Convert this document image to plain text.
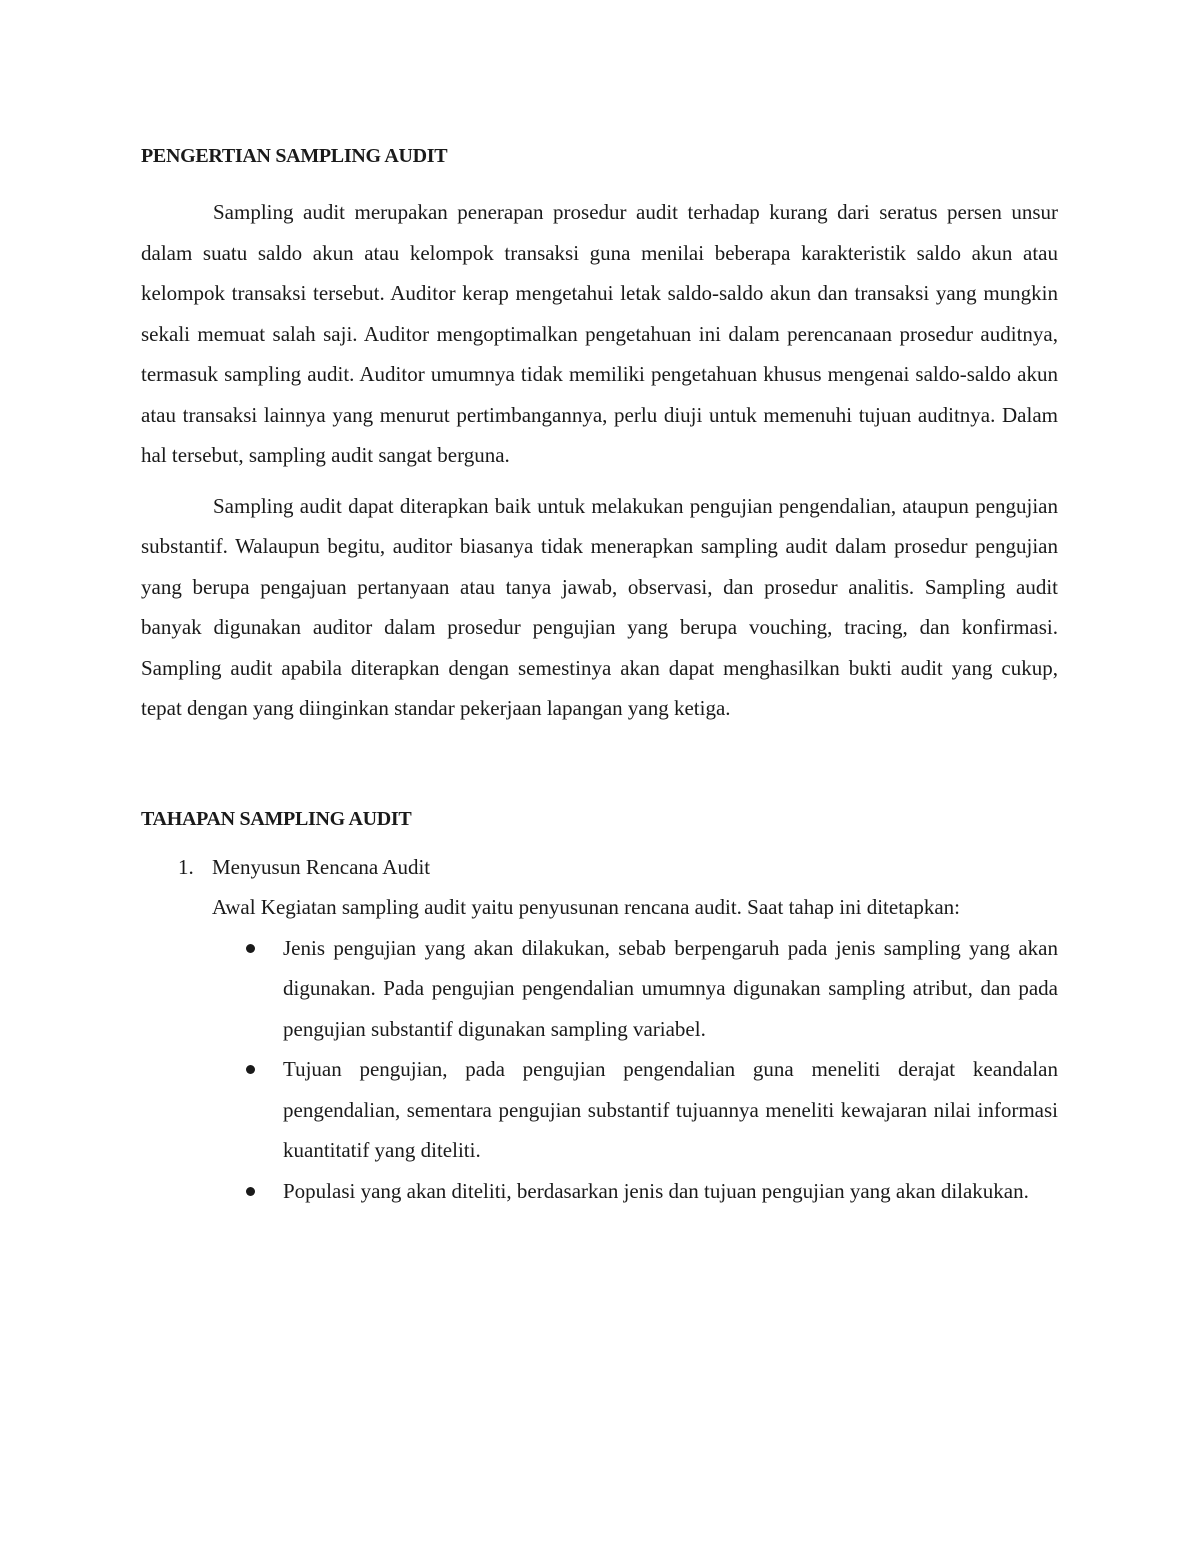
PENGERTIAN SAMPLING AUDIT

Sampling audit merupakan penerapan prosedur audit terhadap kurang dari seratus persen unsur dalam suatu saldo akun atau kelompok transaksi guna menilai beberapa karakteristik saldo akun atau kelompok transaksi tersebut. Auditor kerap mengetahui letak saldo-saldo akun dan transaksi yang mungkin sekali memuat salah saji. Auditor mengoptimalkan pengetahuan ini dalam perencanaan prosedur auditnya, termasuk sampling audit. Auditor umumnya tidak memiliki pengetahuan khusus mengenai saldo-saldo akun atau transaksi lainnya yang menurut pertimbangannya, perlu diuji untuk memenuhi tujuan auditnya. Dalam hal tersebut, sampling audit sangat berguna.

Sampling audit dapat diterapkan baik untuk melakukan pengujian pengendalian, ataupun pengujian substantif. Walaupun begitu, auditor biasanya tidak menerapkan sampling audit dalam prosedur pengujian yang berupa pengajuan pertanyaan atau tanya jawab, observasi, dan prosedur analitis. Sampling audit banyak digunakan auditor dalam prosedur pengujian yang berupa vouching, tracing, dan konfirmasi. Sampling audit apabila diterapkan dengan semestinya akan dapat menghasilkan bukti audit yang cukup, tepat dengan yang diinginkan standar pekerjaan lapangan yang ketiga.

TAHAPAN SAMPLING AUDIT
1. Menyusun Rencana Audit

Awal Kegiatan sampling audit yaitu penyusunan rencana audit. Saat tahap ini ditetapkan:

Jenis pengujian yang akan dilakukan, sebab berpengaruh pada jenis sampling yang akan digunakan. Pada pengujian pengendalian umumnya digunakan sampling atribut, dan pada pengujian substantif digunakan sampling variabel.
Tujuan pengujian, pada pengujian pengendalian guna meneliti derajat keandalan pengendalian, sementara pengujian substantif tujuannya meneliti kewajaran nilai informasi kuantitatif yang diteliti.
Populasi yang akan diteliti, berdasarkan jenis dan tujuan pengujian yang akan dilakukan.
